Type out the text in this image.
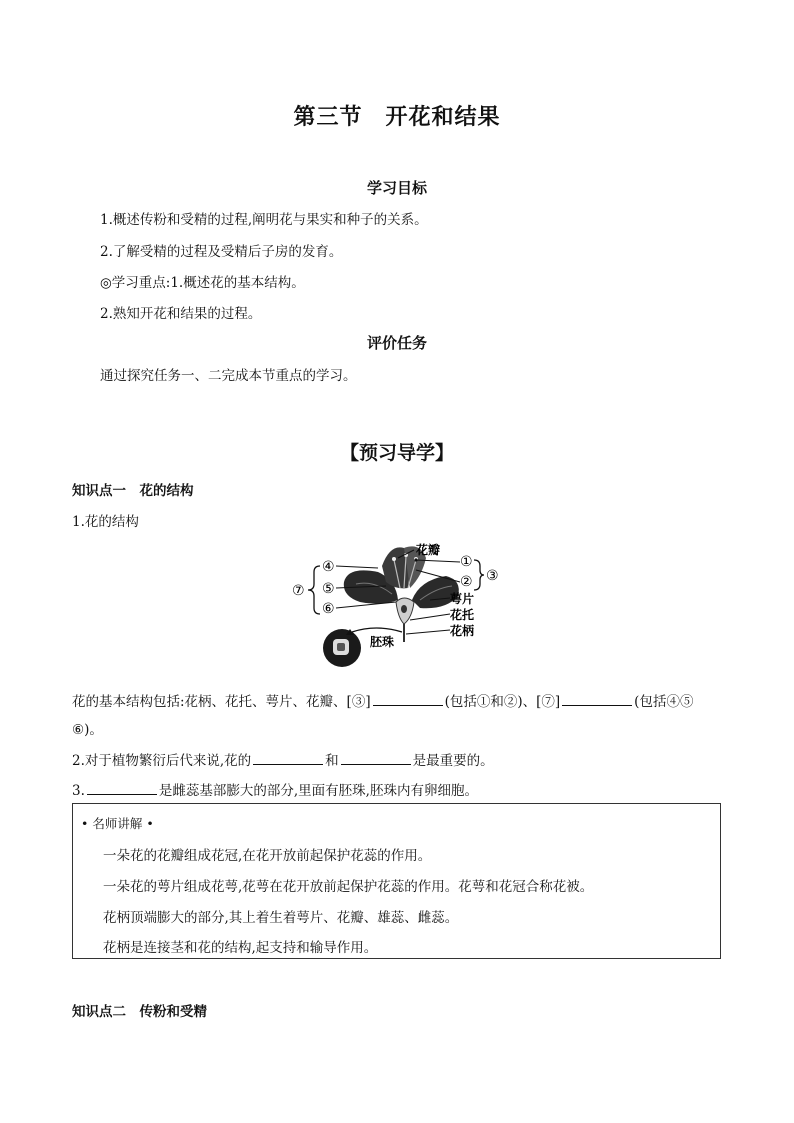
第三节　开花和结果
学习目标
1.概述传粉和受精的过程,阐明花与果实和种子的关系。
2.了解受精的过程及受精后子房的发育。
◎学习重点:1.概述花的基本结构。
2.熟知开花和结果的过程。
评价任务
通过探究任务一、二完成本节重点的学习。
【预习导学】
知识点一　花的结构
1.花的结构
花瓣
萼片
花托
花柄
胚珠
①
② ③
④
⑤
⑥
⑦
花的基本结构包括:花柄、花托、萼片、花瓣、[③]	(包括①和②)、[⑦]	(包括④⑤
⑥)。
2.对于植物繁衍后代来说,花的	和	是最重要的。
3.	是雌蕊基部膨大的部分,里面有胚珠,胚珠内有卵细胞。
• 名师讲解 •
一朵花的花瓣组成花冠,在花开放前起保护花蕊的作用。
一朵花的萼片组成花萼,花萼在花开放前起保护花蕊的作用。花萼和花冠合称花被。
花柄顶端膨大的部分,其上着生着萼片、花瓣、雄蕊、雌蕊。
花柄是连接茎和花的结构,起支持和输导作用。
知识点二　传粉和受精
